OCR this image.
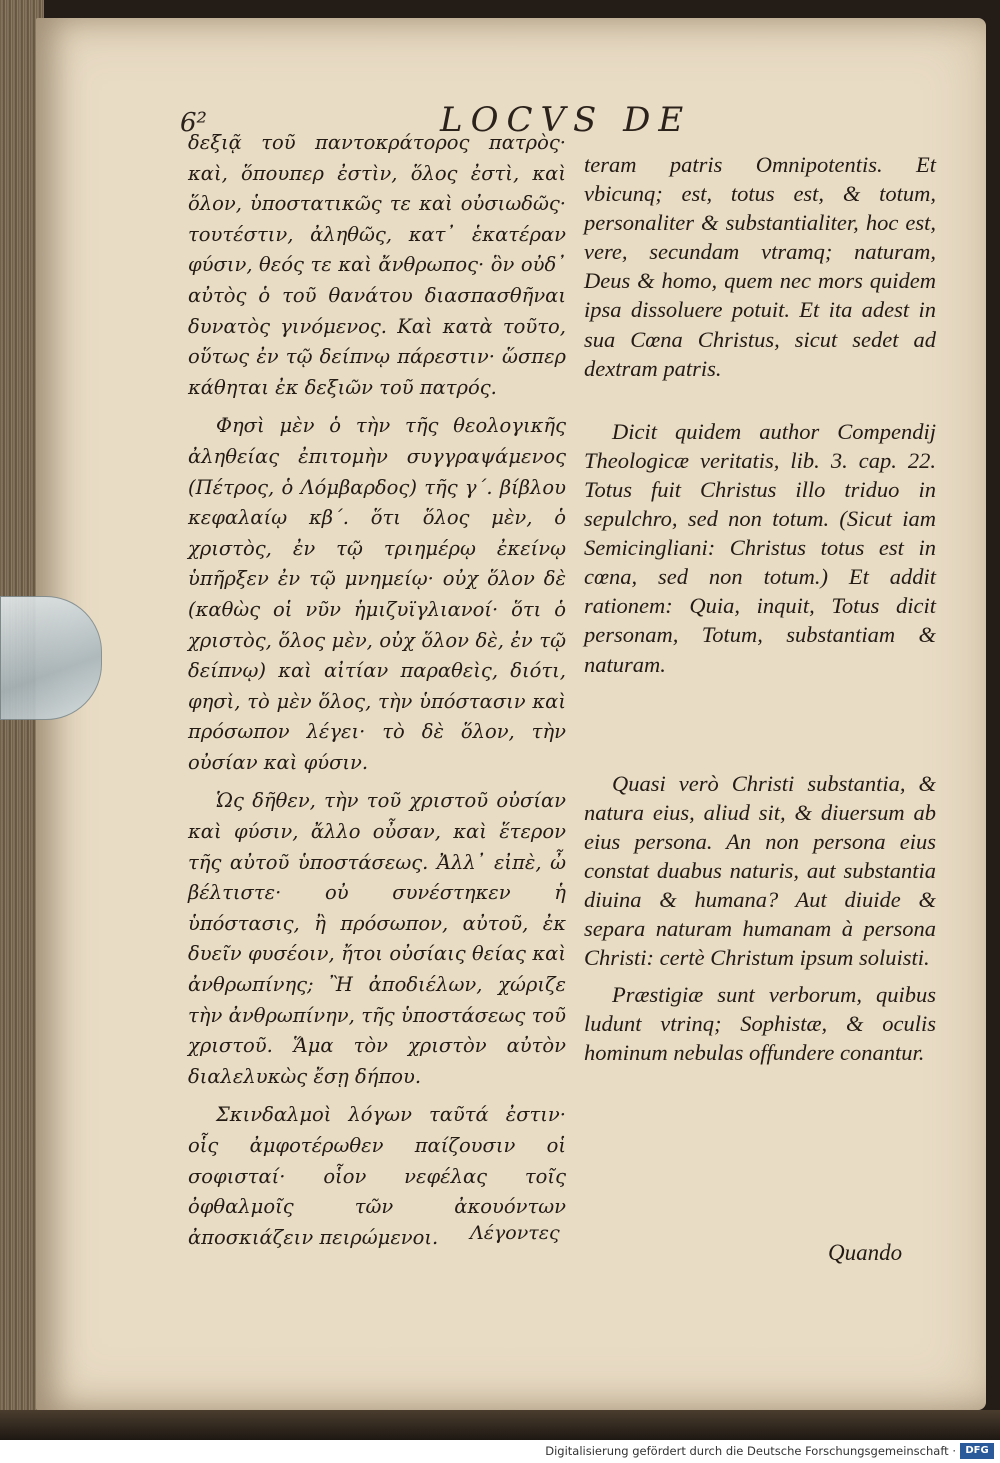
6²	LOCVS DE

δεξιᾷ τοῦ παντοκράτορος πατρὸς· καὶ, ὅπουπερ ἐστὶν, ὅλος ἐστὶ, καὶ ὅλον, ὑποστατικῶς τε καὶ οὐσιωδῶς· τουτέστιν, ἀληθῶς, κατ᾽ ἑκατέραν φύσιν, θεός τε καὶ ἄνθρωπος· ὃν οὐδ᾽ αὐτὸς ὁ τοῦ θανάτου διασπασθῆναι δυνατὸς γινόμενος. Καὶ κατὰ τοῦτο, οὕτως ἐν τῷ δείπνῳ πάρεστιν· ὥσπερ κάθηται ἐκ δεξιῶν τοῦ πατρός.

Φησὶ μὲν ὁ τὴν τῆς θεολογικῆς ἀληθείας ἐπιτομὴν συγγραψάμενος (Πέτρος, ὁ Λόμβαρδος) τῆς γ΄. βίβλου κεφαλαίῳ κβ΄. ὅτι ὅλος μὲν, ὁ χριστὸς, ἐν τῷ τριημέρῳ ἐκείνῳ ὑπῆρξεν ἐν τῷ μνημείῳ· οὐχ ὅλον δὲ (καθὼς οἱ νῦν ἡμιζυϊγλιανοί· ὅτι ὁ χριστὸς, ὅλος μὲν, οὐχ ὅλον δὲ, ἐν τῷ δείπνῳ) καὶ αἰτίαν παραθεὶς, διότι, φησὶ, τὸ μὲν ὅλος, τὴν ὑπόστασιν καὶ πρόσωπον λέγει· τὸ δὲ ὅλον, τὴν οὐσίαν καὶ φύσιν.

Ὡς δῆθεν, τὴν τοῦ χριστοῦ οὐσίαν καὶ φύσιν, ἄλλο οὖσαν, καὶ ἕτερον τῆς αὐτοῦ ὑποστάσεως. Ἀλλ᾽ εἰπὲ, ὦ βέλτιστε· οὐ συνέστηκεν ἡ ὑπόστασις, ἢ πρόσωπον, αὐτοῦ, ἐκ δυεῖν φυσέοιν, ἤτοι οὐσίαις θείας καὶ ἀνθρωπίνης; Ἢ ἀποδιέλων, χώριζε τὴν ἀνθρωπίνην, τῆς ὑποστάσεως τοῦ χριστοῦ. Ἅμα τὸν χριστὸν αὐτὸν διαλελυκὼς ἔσῃ δήπου.

Σκινδαλμοὶ λόγων ταῦτά ἐστιν· οἷς ἀμφοτέρωθεν παίζουσιν οἱ σοφισταί· οἷον νεφέλας τοῖς ὀφθαλμοῖς τῶν ἀκουόντων ἀποσκιάζειν πειρώμενοι.

teram patris Omnipotentis. Et vbicunq; est, totus est, & totum, personaliter & substantialiter, hoc est, vere, secundam vtramq; naturam, Deus & homo, quem nec mors quidem ipsa dissoluere potuit. Et ita adest in sua Cœna Christus, sicut sedet ad dextram patris.

Dicit quidem author Compendij Theologicæ veritatis, lib. 3. cap. 22. Totus fuit Christus illo triduo in sepulchro, sed non totum. (Sicut iam Semicingliani: Christus totus est in cœna, sed non totum.) Et addit rationem: Quia, inquit, Totus dicit personam, Totum, substantiam & naturam.

Quasi verò Christi substantia, & natura eius, aliud sit, & diuersum ab eius persona. An non persona eius constat duabus naturis, aut substantia diuina & humana? Aut diuide & separa naturam humanam à persona Christi: certè Christum ipsum soluisti.

Præstigiæ sunt verborum, quibus ludunt vtrinq; Sophistæ, & oculis hominum nebulas offundere conantur.

Λέγοντες
Quando
Digitalisierung gefördert durch die Deutsche Forschungsgemeinschaft · DFG
